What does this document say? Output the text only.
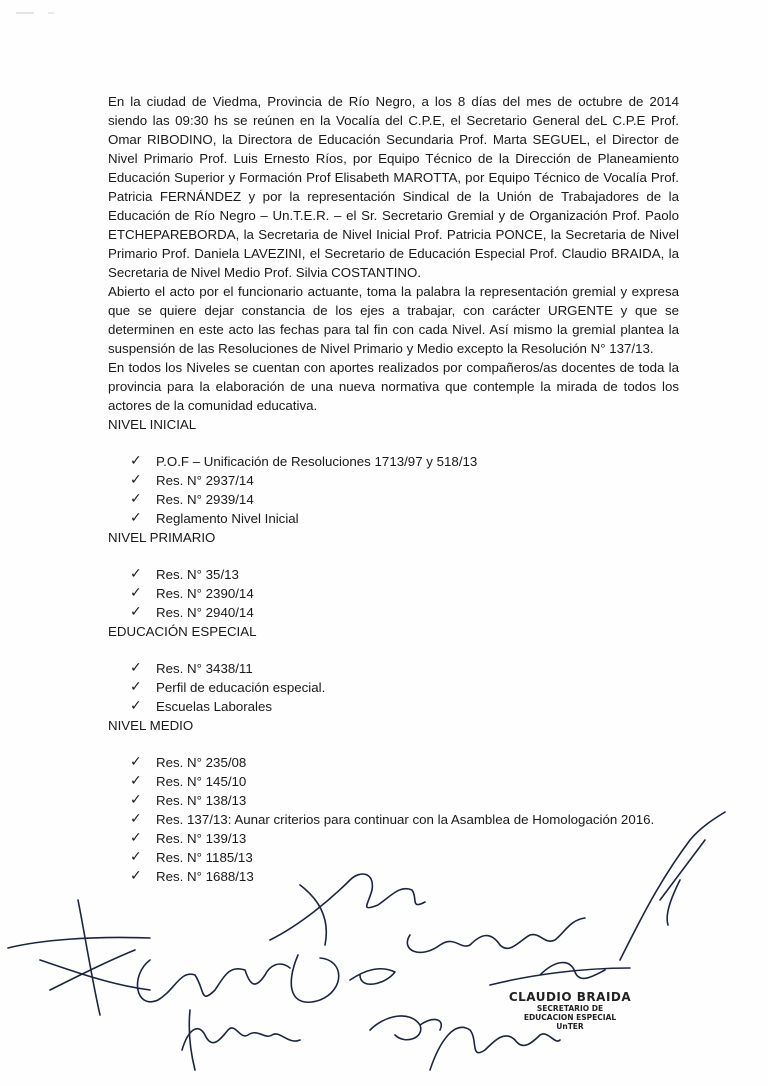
En la ciudad de Viedma, Provincia de Río Negro, a los 8 días del mes de octubre de 2014 siendo las 09:30 hs se reúnen en la Vocalía del C.P.E, el Secretario General deL C.P.E Prof. Omar RIBODINO, la Directora de Educación Secundaria Prof. Marta SEGUEL, el Director de Nivel Primario Prof. Luis Ernesto Ríos, por Equipo Técnico de la Dirección de Planeamiento Educación Superior y Formación Prof Elisabeth MAROTTA, por Equipo Técnico de Vocalía Prof. Patricia FERNÁNDEZ y por la representación Sindical de la Unión de Trabajadores de la Educación de Río Negro – Un.T.E.R. – el Sr. Secretario Gremial y de Organización Prof. Paolo ETCHEPAREBORDA, la Secretaria de Nivel Inicial Prof. Patricia PONCE, la Secretaria de Nivel Primario Prof. Daniela LAVEZINI, el Secretario de Educación Especial Prof. Claudio BRAIDA, la Secretaria de Nivel Medio Prof. Silvia COSTANTINO.

Abierto el acto por el funcionario actuante, toma la palabra la representación gremial y expresa que se quiere dejar constancia de los ejes a trabajar, con carácter URGENTE y que se determinen en este acto las fechas para tal fin con cada Nivel. Así mismo la gremial plantea la suspensión de las Resoluciones de Nivel Primario y Medio excepto la Resolución N° 137/13.

En todos los Niveles se cuentan con aportes realizados por compañeros/as docentes de toda la provincia para la elaboración de una nueva normativa que contemple la mirada de todos los actores de la comunidad educativa.

NIVEL INICIAL

✓ P.O.F – Unificación de Resoluciones 1713/97 y 518/13
✓ Res. N° 2937/14
✓ Res. N° 2939/14
✓ Reglamento Nivel Inicial

NIVEL PRIMARIO

✓ Res. N° 35/13
✓ Res. N° 2390/14
✓ Res. N° 2940/14

EDUCACIÓN ESPECIAL

✓ Res. N° 3438/11
✓ Perfil de educación especial.
✓ Escuelas Laborales

NIVEL MEDIO

✓ Res. N° 235/08
✓ Res. N° 145/10
✓ Res. N° 138/13
✓ Res. 137/13: Aunar criterios para continuar con la Asamblea de Homologación 2016.
✓ Res. N° 139/13
✓ Res. N° 1185/13
✓ Res. N° 1688/13
CLAUDIO BRAIDA
SECRETARIO DE
EDUCACION ESPECIAL
UnTER
